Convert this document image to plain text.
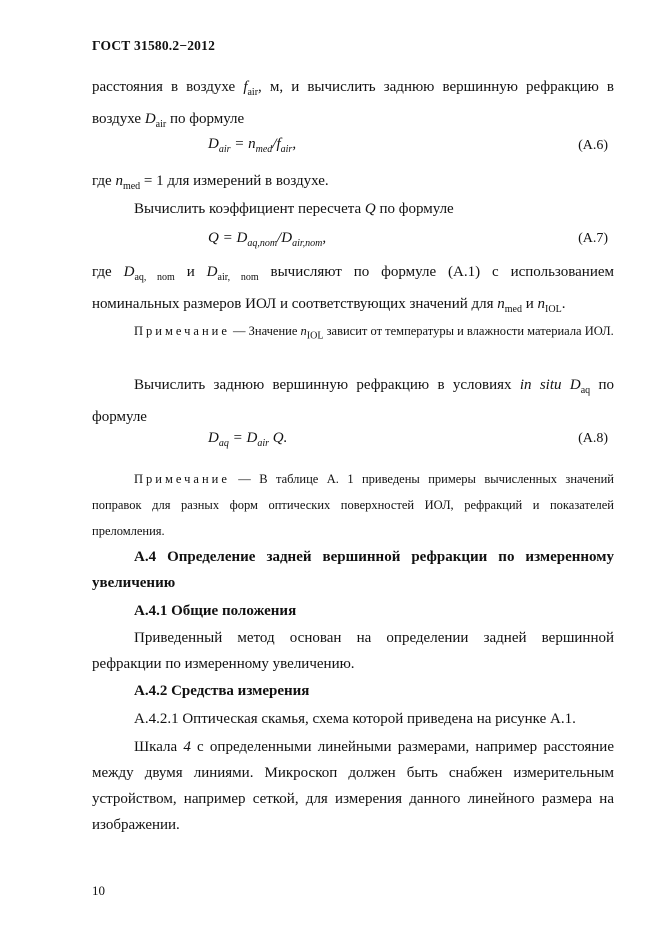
ГОСТ 31580.2−2012
расстояния в воздухе $f_{air}$, м, и вычислить заднюю вершинную рефракцию в воздухе $D_{air}$ по формуле
$D_{air} = n_{med}/f_{air}$,	(A.6)
где $n_{med} = 1$ для измерений в воздухе.
Вычислить коэффициент пересчета Q по формуле
$Q = D_{aq,nom}/D_{air,nom}$,	(A.7)
где $D_{aq, nom}$ и $D_{air, nom}$ вычисляют по формуле (А.1) с использованием номинальных размеров ИОЛ и соответствующих значений для $n_{med}$ и $n_{IOL}$.
Примечание — Значение $n_{IOL}$ зависит от температуры и влажности материала ИОЛ.
Вычислить заднюю вершинную рефракцию в условиях in situ $D_{aq}$ по формуле
$D_{aq} = D_{air}$ Q.	(A.8)
Примечание — В таблице А. 1 приведены примеры вычисленных значений поправок для разных форм оптических поверхностей ИОЛ, рефракций и показателей преломления.
А.4 Определение задней вершинной рефракции по измеренному увеличению
А.4.1 Общие положения
Приведенный метод основан на определении задней вершинной рефракции по измеренному увеличению.
А.4.2 Средства измерения
А.4.2.1 Оптическая скамья, схема которой приведена на рисунке А.1.
Шкала 4 с определенными линейными размерами, например расстояние между двумя линиями. Микроскоп должен быть снабжен измерительным устройством, например сеткой, для измерения данного линейного размера на изображении.
10
